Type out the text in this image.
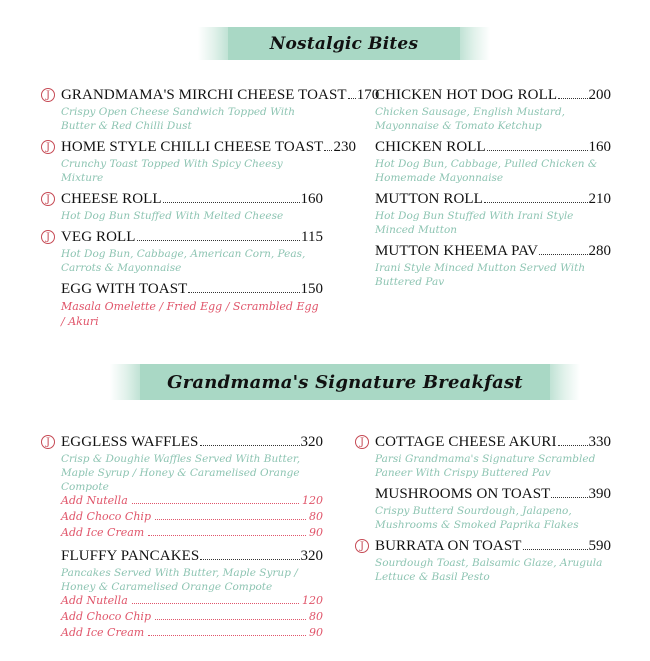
Nostalgic Bites
J GRANDMAMA'S MIRCHI CHEESE TOAST 170
Crispy Open Cheese Sandwich Topped With Butter & Red Chilli Dust
J HOME STYLE CHILLI CHEESE TOAST 230
Crunchy Toast Topped With Spicy Cheesy Mixture
J CHEESE ROLL	160
Hot Dog Bun Stuffed With Melted Cheese
J VEG ROLL	115
Hot Dog Bun, Cabbage, American Corn, Peas, Carrots & Mayonnaise
EGG WITH TOAST	150
Masala Omelette / Fried Egg / Scrambled Egg / Akuri
CHICKEN HOT DOG ROLL 200
Chicken Sausage, English Mustard, Mayonnaise & Tomato Ketchup
CHICKEN ROLL	160
Hot Dog Bun, Cabbage, Pulled Chicken & Homemade Mayonnaise
MUTTON ROLL	210
Hot Dog Bun Stuffed With Irani Style Minced Mutton
MUTTON KHEEMA PAV	280
Irani Style Minced Mutton Served With Buttered Pav
Grandmama's Signature Breakfast
J EGGLESS WAFFLES	320
Crisp & Doughie Waffles Served With Butter, Maple Syrup / Honey & Caramelised Orange Compote
Add Nutella	120
Add Choco Chip	80
Add Ice Cream	90
FLUFFY PANCAKES	320
Pancakes Served With Butter, Maple Syrup / Honey & Caramelised Orange Compote
Add Nutella	120
Add Choco Chip	80
Add Ice Cream	90
J COTTAGE CHEESE AKURI 330
Parsi Grandmama's Signature Scrambled Paneer With Crispy Buttered Pav
MUSHROOMS ON TOAST	390
Crispy Butterd Sourdough, Jalapeno, Mushrooms & Smoked Paprika Flakes
J BURRATA ON TOAST	590
Sourdough Toast, Balsamic Glaze, Arugula Lettuce & Basil Pesto
